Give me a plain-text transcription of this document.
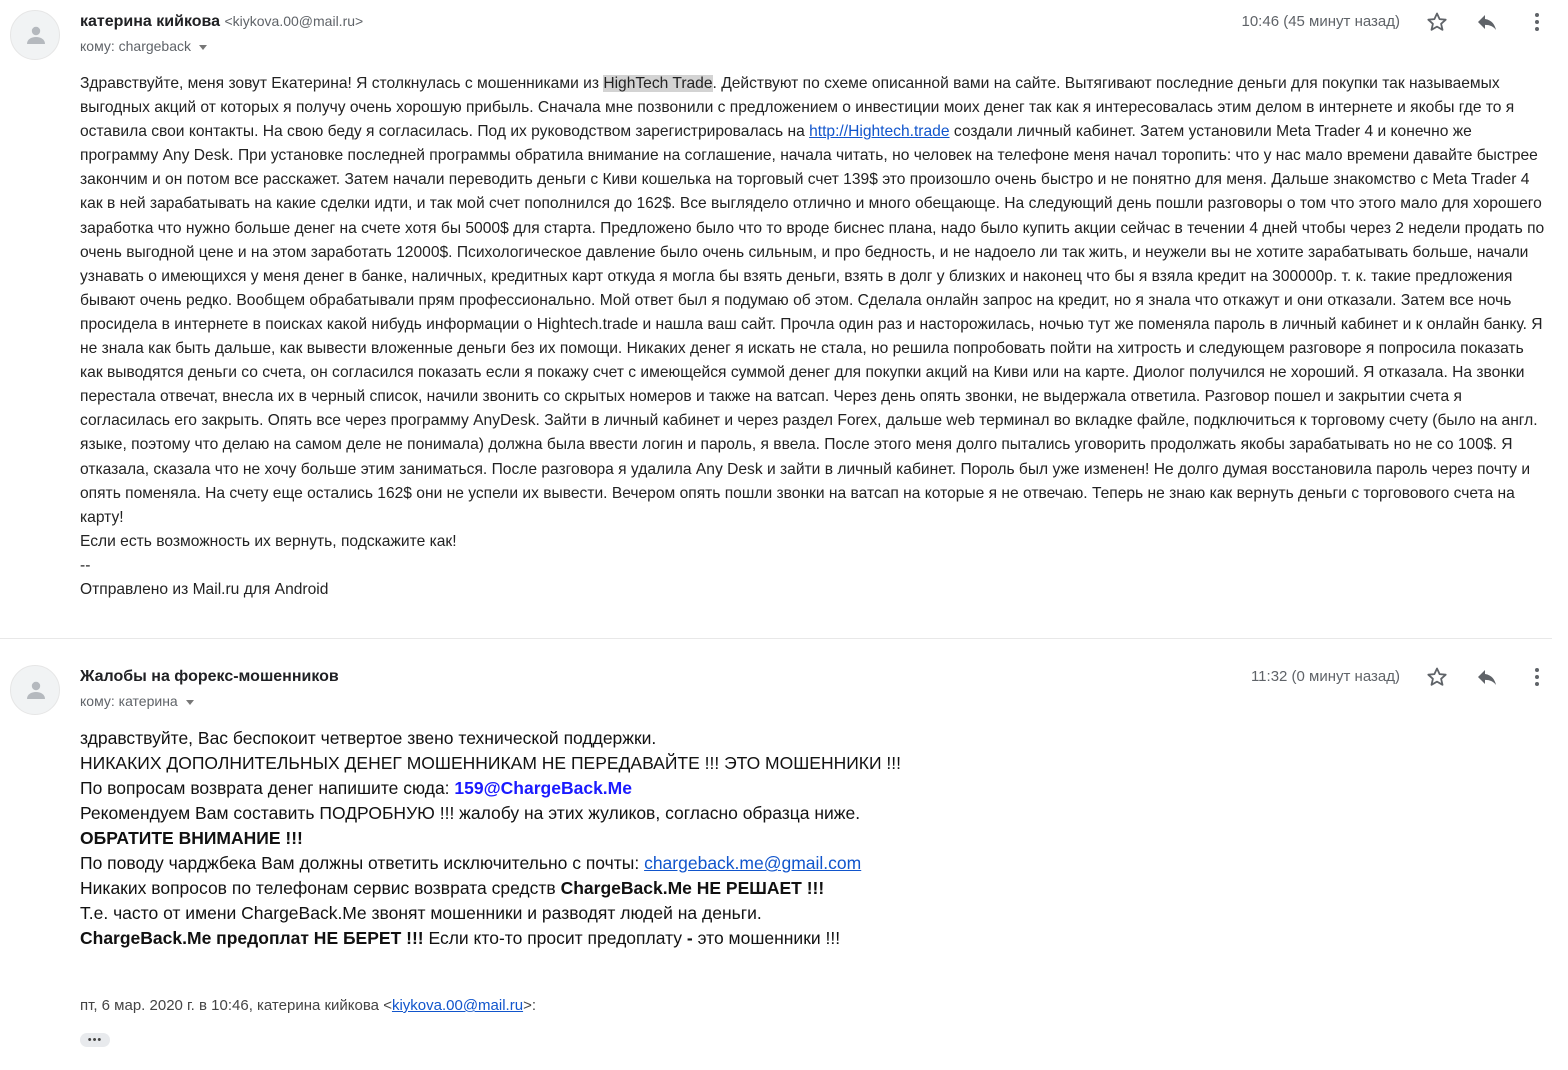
катерина кийкова <kiykova.00@mail.ru>
кому: chargeback
10:46 (45 минут назад)

Здравствуйте, меня зовут Екатерина! Я столкнулась с мошенниками из HighTech Trade. Действуют по схеме описанной вами на сайте. Вытягивают последние деньги для покупки так называемых выгодных акций от которых я получу очень хорошую прибыль. Сначала мне позвонили с предложением о инвестиции моих денег так как я интересовалась этим делом в интернете и якобы где то я оставила свои контакты. На свою беду я согласилась. Под их руководством зарегистрировалась на http://Hightech.trade создали личный кабинет. Затем установили Meta Trader 4 и конечно же программу Any Desk. При установке последней программы обратила внимание на соглашение, начала читать, но человек на телефоне меня начал торопить: что у нас мало времени давайте быстрее закончим и он потом все расскажет. Затем начали переводить деньги с Киви кошелька на торговый счет 139$ это произошло очень быстро и не понятно для меня. Дальше знакомство с Meta Trader 4 как в ней зарабатывать на какие сделки идти, и так мой счет пополнился до 162$. Все выглядело отлично и много обещающе. На следующий день пошли разговоры о том что этого мало для хорошего заработка что нужно больше денег на счете хотя бы 5000$ для старта. Предложено было что то вроде биснес плана, надо было купить акции сейчас в течении 4 дней чтобы через 2 недели продать по очень выгодной цене и на этом заработать 12000$. Психологическое давление было очень сильным, и про бедность, и не надоело ли так жить, и неужели вы не хотите зарабатывать больше, начали узнавать о имеющихся у меня денег в банке, наличных, кредитных карт откуда я могла бы взять деньги, взять в долг у близких и наконец что бы я взяла кредит на 300000р. т. к. такие предложения бывают очень редко. Вообщем обрабатывали прям профессионально. Мой ответ был я подумаю об этом. Сделала онлайн запрос на кредит, но я знала что откажут и они отказали. Затем все ночь просидела в интернете в поисках какой нибудь информации о Hightech.trade и нашла ваш сайт. Прочла один раз и насторожилась, ночью тут же поменяла пароль в личный кабинет и к онлайн банку. Я не знала как быть дальше, как вывести вложенные деньги без их помощи. Никаких денег я искать не стала, но решила попробовать пойти на хитрость и следующем разговоре я попросила показать как выводятся деньги со счета, он согласился показать если я покажу счет с имеющейся суммой денег для покупки акций на Киви или на карте. Диолог получился не хороший. Я отказала. На звонки перестала отвечат, внесла их в черный список, начили звонить со скрытых номеров и также на ватсап. Через день опять звонки, не выдержала ответила. Разговор пошел и закрытии счета я согласилась его закрыть. Опять все через программу AnyDesk. Зайти в личный кабинет и через раздел Forex, дальше web терминал во вкладке файле, подключиться к торговому счету (было на англ. языке, поэтому что делаю на самом деле не понимала) должна была ввести логин и пароль, я ввела. После этого меня долго пытались уговорить продолжать якобы зарабатывать но не со 100$. Я отказала, сказала что не хочу больше этим заниматься. После разговора я удалила Any Desk и зайти в личный кабинет. Пороль был уже изменен! Не долго думая восстановила пароль через почту и опять поменяла. На счету еще остались 162$ они не успели их вывести. Вечером опять пошли звонки на ватсап на которые я не отвечаю. Теперь не знаю как вернуть деньги с торговового счета на карту!

Если есть возможность их вернуть, подскажите как!

--

Отправлено из Mail.ru для Android

Жалобы на форекс-мошенников
кому: катерина
11:32 (0 минут назад)

здравствуйте, Вас беспокоит четвертое звено технической поддержки.

НИКАКИХ ДОПОЛНИТЕЛЬНЫХ ДЕНЕГ МОШЕННИКАМ НЕ ПЕРЕДАВАЙТЕ !!! ЭТО МОШЕННИКИ !!!

По вопросам возврата денег напишите сюда: 159@ChargeBack.Me

Рекомендуем Вам составить ПОДРОБНУЮ !!! жалобу на этих жуликов, согласно образца ниже.

ОБРАТИТЕ ВНИМАНИЕ !!!

По поводу чарджбека Вам должны ответить исключительно с почты: chargeback.me@gmail.com

Никаких вопросов по телефонам сервис возврата средств ChargeBack.Me НЕ РЕШАЕТ !!!

Т.е. часто от имени ChargeBack.Me звонят мошенники и разводят людей на деньги.

ChargeBack.Me предоплат НЕ БЕРЕТ !!! Если кто-то просит предоплату - это мошенники !!!

пт, 6 мар. 2020 г. в 10:46, катерина кийкова <kiykova.00@mail.ru>:
•••
